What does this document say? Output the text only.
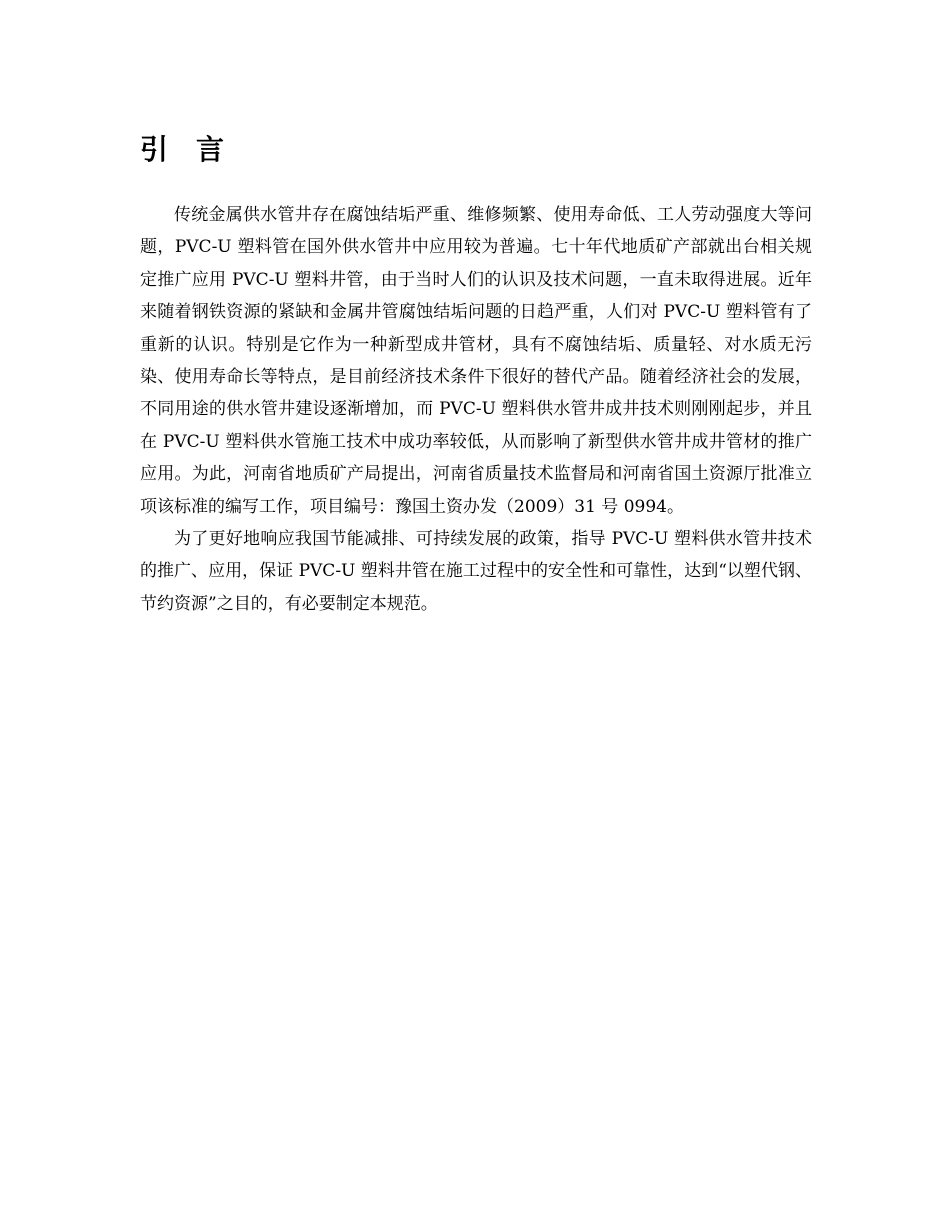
引言

传统金属供水管井存在腐蚀结垢严重、维修频繁、使用寿命低、工人劳动强度大等问题，PVC-U 塑料管在国外供水管井中应用较为普遍。七十年代地质矿产部就出台相关规定推广应用 PVC-U 塑料井管，由于当时人们的认识及技术问题，一直未取得进展。近年来随着钢铁资源的紧缺和金属井管腐蚀结垢问题的日趋严重，人们对 PVC-U 塑料管有了重新的认识。特别是它作为一种新型成井管材，具有不腐蚀结垢、质量轻、对水质无污染、使用寿命长等特点，是目前经济技术条件下很好的替代产品。随着经济社会的发展，不同用途的供水管井建设逐渐增加，而 PVC-U 塑料供水管井成井技术则刚刚起步，并且在 PVC-U 塑料供水管施工技术中成功率较低，从而影响了新型供水管井成井管材的推广应用。为此，河南省地质矿产局提出，河南省质量技术监督局和河南省国土资源厅批准立项该标准的编写工作，项目编号：豫国土资办发（2009）31 号 0994。

为了更好地响应我国节能减排、可持续发展的政策，指导 PVC-U 塑料供水管井技术的推广、应用，保证 PVC-U 塑料井管在施工过程中的安全性和可靠性，达到“以塑代钢、节约资源”之目的，有必要制定本规范。
